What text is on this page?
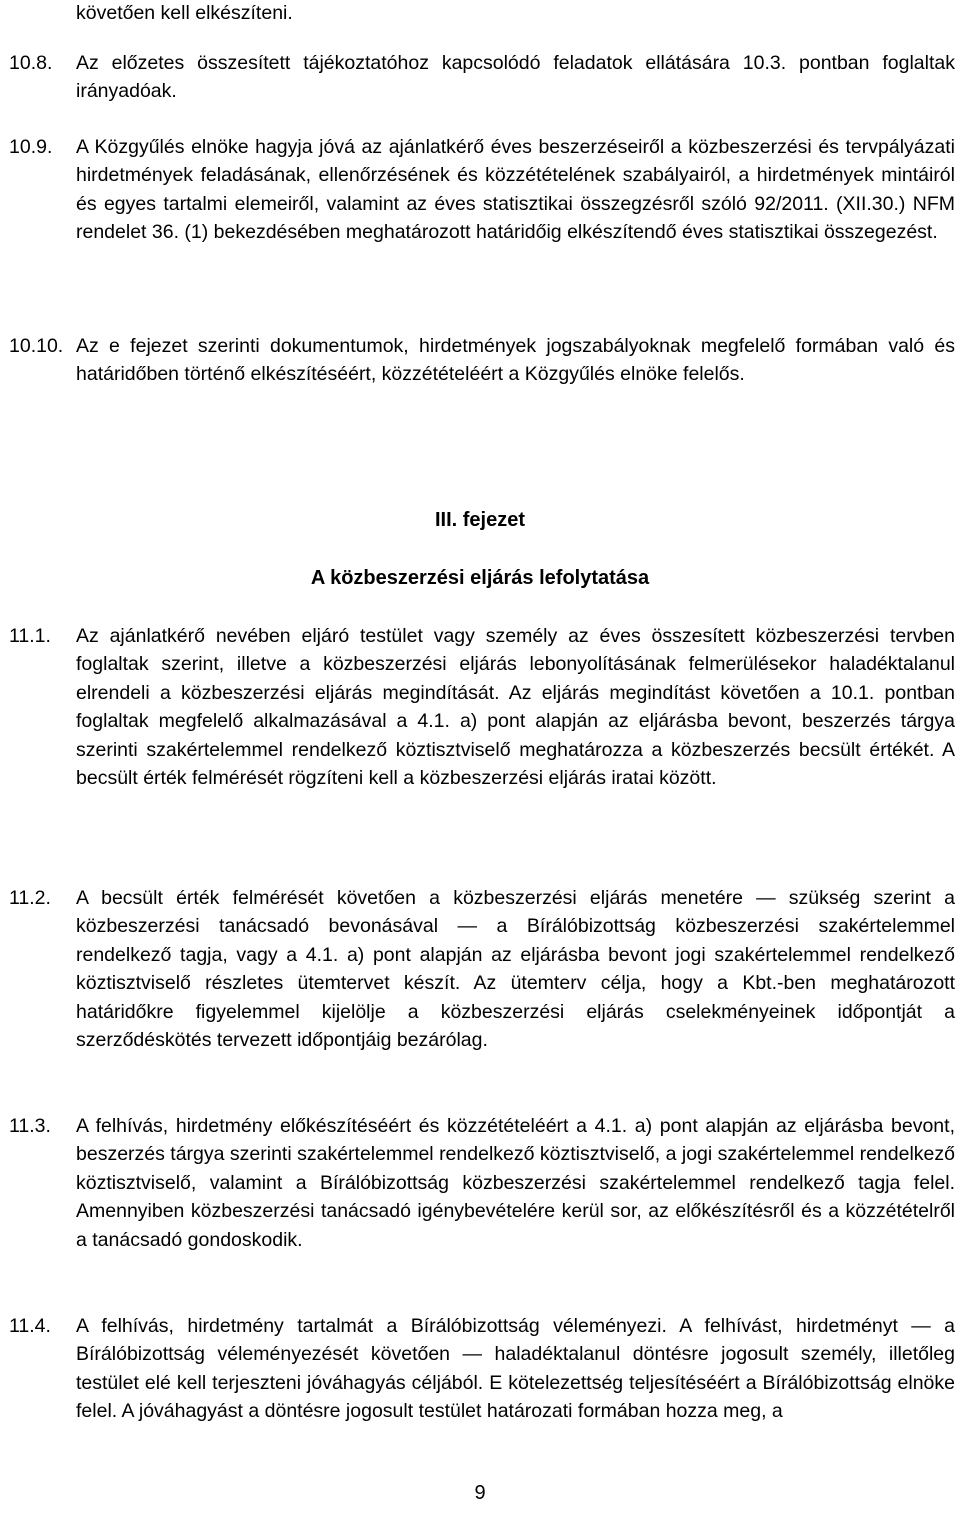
követően kell elkészíteni.
10.8. Az előzetes összesített tájékoztatóhoz kapcsolódó feladatok ellátására 10.3. pontban foglaltak irányadóak.
10.9. A Közgyűlés elnöke hagyja jóvá az ajánlatkérő éves beszerzéseiről a közbeszerzési és tervpályázati hirdetmények feladásának, ellenőrzésének és közzétételének szabályairól, a hirdetmények mintáiról és egyes tartalmi elemeiről, valamint az éves statisztikai összegzésről szóló 92/2011. (XII.30.) NFM rendelet 36. (1) bekezdésében meghatározott határidőig elkészítendő éves statisztikai összegezést.
10.10. Az e fejezet szerinti dokumentumok, hirdetmények jogszabályoknak megfelelő formában való és határidőben történő elkészítéséért, közzétételéért a Közgyűlés elnöke felelős.
III. fejezet
A közbeszerzési eljárás lefolytatása
11.1. Az ajánlatkérő nevében eljáró testület vagy személy az éves összesített közbeszerzési tervben foglaltak szerint, illetve a közbeszerzési eljárás lebonyolításának felmerülésekor haladéktalanul elrendeli a közbeszerzési eljárás megindítását. Az eljárás megindítást követően a 10.1. pontban foglaltak megfelelő alkalmazásával a 4.1. a) pont alapján az eljárásba bevont, beszerzés tárgya szerinti szakértelemmel rendelkező köztisztviselő meghatározza a közbeszerzés becsült értékét. A becsült érték felmérését rögzíteni kell a közbeszerzési eljárás iratai között.
11.2. A becsült érték felmérését követően a közbeszerzési eljárás menetére — szükség szerint a közbeszerzési tanácsadó bevonásával — a Bírálóbizottság közbeszerzési szakértelemmel rendelkező tagja, vagy a 4.1. a) pont alapján az eljárásba bevont jogi szakértelemmel rendelkező köztisztviselő részletes ütemtervet készít. Az ütemterv célja, hogy a Kbt.-ben meghatározott határidőkre figyelemmel kijelölje a közbeszerzési eljárás cselekményeinek időpontját a szerződéskötés tervezett időpontjáig bezárólag.
11.3. A felhívás, hirdetmény előkészítéséért és közzétételéért a 4.1. a) pont alapján az eljárásba bevont, beszerzés tárgya szerinti szakértelemmel rendelkező köztisztviselő, a jogi szakértelemmel rendelkező köztisztviselő, valamint a Bírálóbizottság közbeszerzési szakértelemmel rendelkező tagja felel. Amennyiben közbeszerzési tanácsadó igénybevételére kerül sor, az előkészítésről és a közzétételről a tanácsadó gondoskodik.
11.4. A felhívás, hirdetmény tartalmát a Bírálóbizottság véleményezi. A felhívást, hirdetményt — a Bírálóbizottság véleményezését követően — haladéktalanul döntésre jogosult személy, illetőleg testület elé kell terjeszteni jóváhagyás céljából. E kötelezettség teljesítéséért a Bírálóbizottság elnöke felel. A jóváhagyást a döntésre jogosult testület határozati formában hozza meg, a
9
